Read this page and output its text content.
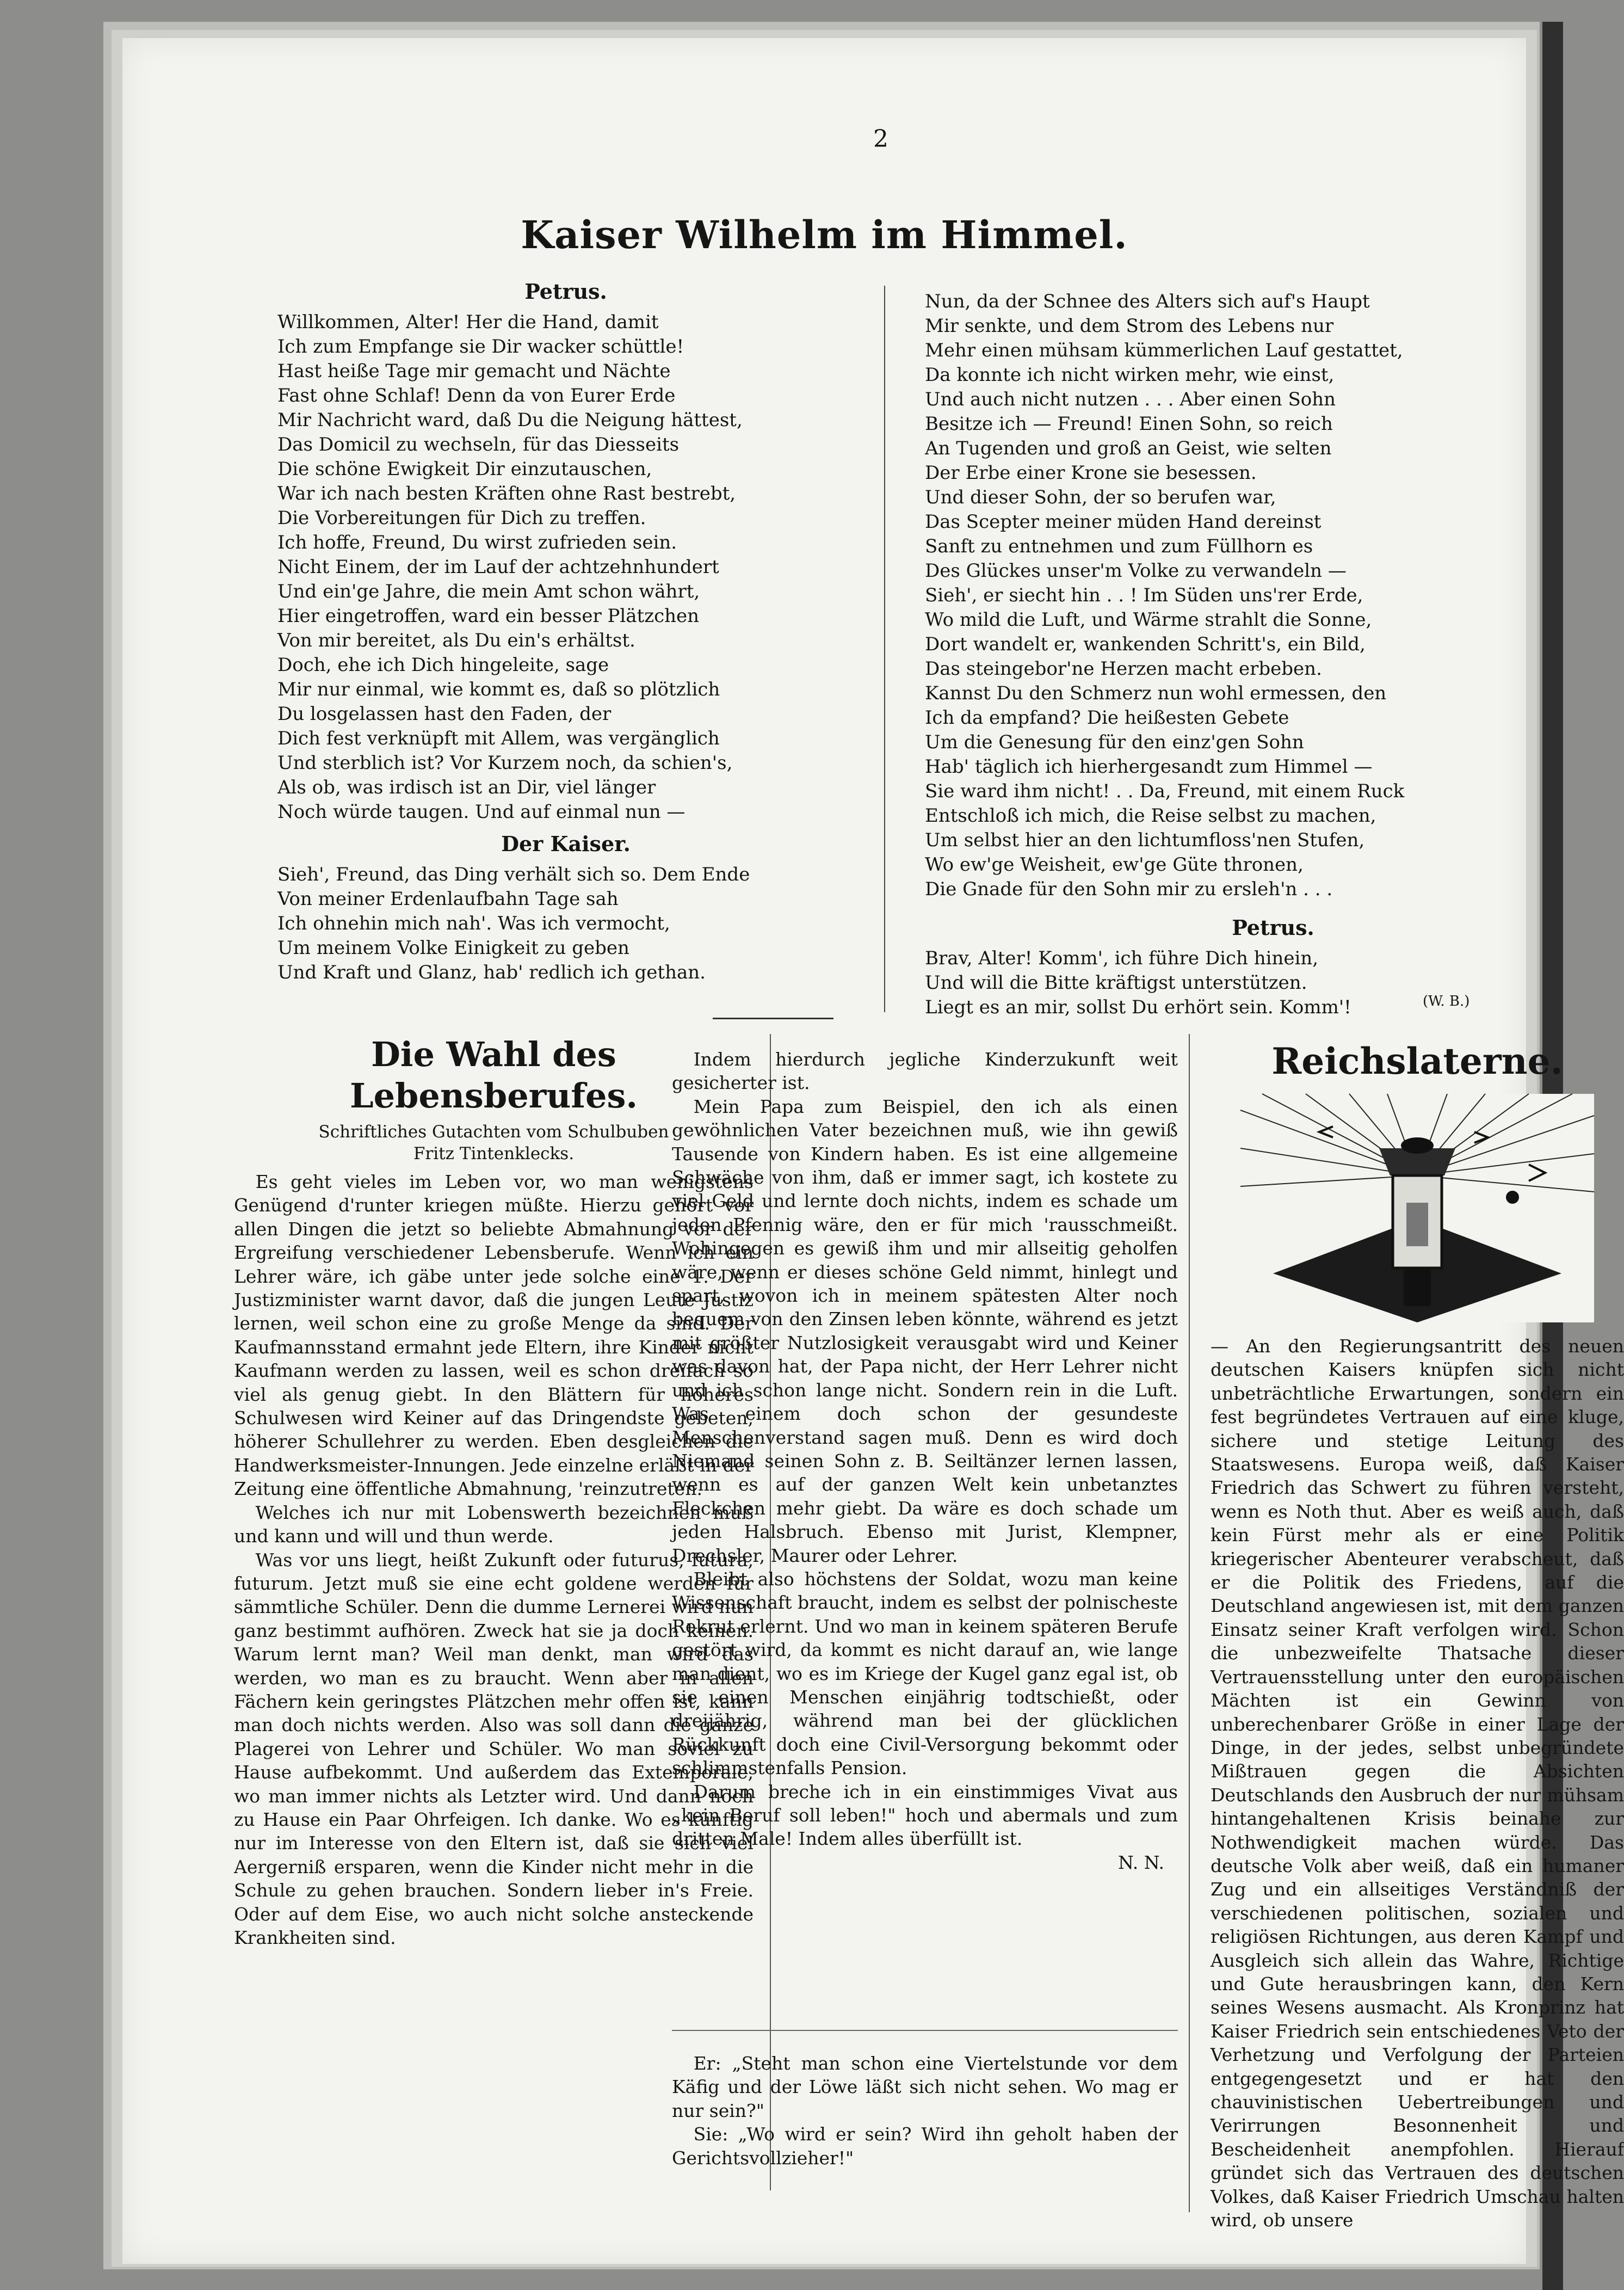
2
Kaiser Wilhelm im Himmel.
Petrus.
Willkommen, Alter! Her die Hand, damit
Ich zum Empfange sie Dir wacker schüttle!
Hast heiße Tage mir gemacht und Nächte
Fast ohne Schlaf! Denn da von Eurer Erde
Mir Nachricht ward, daß Du die Neigung hättest,
Das Domicil zu wechseln, für das Diesseits
Die schöne Ewigkeit Dir einzutauschen,
War ich nach besten Kräften ohne Rast bestrebt,
Die Vorbereitungen für Dich zu treffen.
Ich hoffe, Freund, Du wirst zufrieden sein.
Nicht Einem, der im Lauf der achtzehnhundert
Und ein'ge Jahre, die mein Amt schon währt,
Hier eingetroffen, ward ein besser Plätzchen
Von mir bereitet, als Du ein's erhältst.
Doch, ehe ich Dich hingeleite, sage
Mir nur einmal, wie kommt es, daß so plötzlich
Du losgelassen hast den Faden, der
Dich fest verknüpft mit Allem, was vergänglich
Und sterblich ist? Vor Kurzem noch, da schien's,
Als ob, was irdisch ist an Dir, viel länger
Noch würde taugen. Und auf einmal nun —
Der Kaiser.
Sieh', Freund, das Ding verhält sich so. Dem Ende
Von meiner Erdenlaufbahn Tage sah
Ich ohnehin mich nah'. Was ich vermocht,
Um meinem Volke Einigkeit zu geben
Und Kraft und Glanz, hab' redlich ich gethan.
Nun, da der Schnee des Alters sich auf's Haupt
Mir senkte, und dem Strom des Lebens nur
Mehr einen mühsam kümmerlichen Lauf gestattet,
Da konnte ich nicht wirken mehr, wie einst,
Und auch nicht nutzen . . . Aber einen Sohn
Besitze ich — Freund! Einen Sohn, so reich
An Tugenden und groß an Geist, wie selten
Der Erbe einer Krone sie besessen.
Und dieser Sohn, der so berufen war,
Das Scepter meiner müden Hand dereinst
Sanft zu entnehmen und zum Füllhorn es
Des Glückes unser'm Volke zu verwandeln —
Sieh', er siecht hin . . ! Im Süden uns'rer Erde,
Wo mild die Luft, und Wärme strahlt die Sonne,
Dort wandelt er, wankenden Schritt's, ein Bild,
Das steingebor'ne Herzen macht erbeben.
Kannst Du den Schmerz nun wohl ermessen, den
Ich da empfand? Die heißesten Gebete
Um die Genesung für den einz'gen Sohn
Hab' täglich ich hierhergesandt zum Himmel —
Sie ward ihm nicht! . . Da, Freund, mit einem Ruck
Entschloß ich mich, die Reise selbst zu machen,
Um selbst hier an den lichtumfloss'nen Stufen,
Wo ew'ge Weisheit, ew'ge Güte thronen,
Die Gnade für den Sohn mir zu ersleh'n . . .
Petrus.
Brav, Alter! Komm', ich führe Dich hinein,
Und will die Bitte kräftigst unterstützen.
Liegt es an mir, sollst Du erhört sein. Komm'!	(W. B.)
Die Wahl des Lebensberufes.
Schriftliches Gutachten vom Schulbuben
Fritz Tintenklecks.

Es geht vieles im Leben vor, wo man wenigstens Genügend d'runter kriegen müßte. Hierzu gehört vor allen Dingen die jetzt so beliebte Abmahnung vor der Ergreifung verschiedener Lebensberufe. Wenn ich ein Lehrer wäre, ich gäbe unter jede solche eine 1. Der Justizminister warnt davor, daß die jungen Leute Justiz lernen, weil schon eine zu große Menge da sind. Der Kaufmannsstand ermahnt jede Eltern, ihre Kinder nicht Kaufmann werden zu lassen, weil es schon dreifach so viel als genug giebt. In den Blättern für höheres Schulwesen wird Keiner auf das Dringendste gebeten, höherer Schullehrer zu werden. Eben desgleichen die Handwerksmeister-Innungen. Jede einzelne erläßt in der Zeitung eine öffentliche Abmahnung, 'reinzutreten.

Welches ich nur mit Lobenswerth bezeichnen muß und kann und will und thun werde.

Was vor uns liegt, heißt Zukunft oder futurus, futura, futurum. Jetzt muß sie eine echt goldene werden für sämmtliche Schüler. Denn die dumme Lernerei wird nun ganz bestimmt aufhören. Zweck hat sie ja doch keinen. Warum lernt man? Weil man denkt, man wird das werden, wo man es zu braucht. Wenn aber in allen Fächern kein geringstes Plätzchen mehr offen ist, kann man doch nichts werden. Also was soll dann die ganze Plagerei von Lehrer und Schüler. Wo man soviel zu Hause aufbekommt. Und außerdem das Extemporale, wo man immer nichts als Letzter wird. Und dann noch zu Hause ein Paar Ohrfeigen. Ich danke. Wo es künftig nur im Interesse von den Eltern ist, daß sie sich viel Aergerniß ersparen, wenn die Kinder nicht mehr in die Schule zu gehen brauchen. Sondern lieber in's Freie. Oder auf dem Eise, wo auch nicht solche ansteckende Krankheiten sind.

Indem hierdurch jegliche Kinderzukunft weit gesicherter ist.

Mein Papa zum Beispiel, den ich als einen gewöhnlichen Vater bezeichnen muß, wie ihn gewiß Tausende von Kindern haben. Es ist eine allgemeine Schwäche von ihm, daß er immer sagt, ich kostete zu viel Geld und lernte doch nichts, indem es schade um jeden Pfennig wäre, den er für mich 'rausschmeißt. Wohingegen es gewiß ihm und mir allseitig geholfen wäre, wenn er dieses schöne Geld nimmt, hinlegt und spart, wovon ich in meinem spätesten Alter noch bequem von den Zinsen leben könnte, während es jetzt mit größter Nutzlosigkeit verausgabt wird und Keiner was davon hat, der Papa nicht, der Herr Lehrer nicht und ich schon lange nicht. Sondern rein in die Luft. Was einem doch schon der gesundeste Menschenverstand sagen muß. Denn es wird doch Niemand seinen Sohn z. B. Seiltänzer lernen lassen, wenn es auf der ganzen Welt kein unbetanztes Fleckchen mehr giebt. Da wäre es doch schade um jeden Halsbruch. Ebenso mit Jurist, Klempner, Drechsler, Maurer oder Lehrer.

Bleibt also höchstens der Soldat, wozu man keine Wissenschaft braucht, indem es selbst der polnischeste Rekrut erlernt. Und wo man in keinem späteren Berufe gestört wird, da kommt es nicht darauf an, wie lange man dient, wo es im Kriege der Kugel ganz egal ist, ob sie einen Menschen einjährig todtschießt, oder dreijährig, während man bei der glücklichen Rückkunft doch eine Civil-Versorgung bekommt oder schlimmstenfalls Pension.

Darum breche ich in ein einstimmiges Vivat aus „kein Beruf soll leben!" hoch und abermals und zum dritten Male! Indem alles überfüllt ist.

N. N.

Er: „Steht man schon eine Viertelstunde vor dem Käfig und der Löwe läßt sich nicht sehen. Wo mag er nur sein?"

Sie: „Wo wird er sein? Wird ihn geholt haben der Gerichtsvollzieher!"

Reichslaterne.

— An den Regierungsantritt des neuen deutschen Kaisers knüpfen sich nicht unbeträchtliche Erwartungen, sondern ein fest begründetes Vertrauen auf eine kluge, sichere und stetige Leitung des Staatswesens. Europa weiß, daß Kaiser Friedrich das Schwert zu führen versteht, wenn es Noth thut. Aber es weiß auch, daß kein Fürst mehr als er eine Politik kriegerischer Abenteurer verabscheut, daß er die Politik des Friedens, auf die Deutschland angewiesen ist, mit dem ganzen Einsatz seiner Kraft verfolgen wird. Schon die unbezweifelte Thatsache dieser Vertrauensstellung unter den europäischen Mächten ist ein Gewinn von unberechenbarer Größe in einer Lage der Dinge, in der jedes, selbst unbegründete Mißtrauen gegen die Absichten Deutschlands den Ausbruch der nur mühsam hintangehaltenen Krisis beinahe zur Nothwendigkeit machen würde. Das deutsche Volk aber weiß, daß ein humaner Zug und ein allseitiges Verständniß der verschiedenen politischen, sozialen und religiösen Richtungen, aus deren Kampf und Ausgleich sich allein das Wahre, Richtige und Gute herausbringen kann, den Kern seines Wesens ausmacht. Als Kronprinz hat Kaiser Friedrich sein entschiedenes Veto der Verhetzung und Verfolgung der Parteien entgegengesetzt und er hat den chauvinistischen Uebertreibungen und Verirrungen Besonnenheit und Bescheidenheit anempfohlen. Hierauf gründet sich das Vertrauen des deutschen Volkes, daß Kaiser Friedrich Umschau halten wird, ob unsere
